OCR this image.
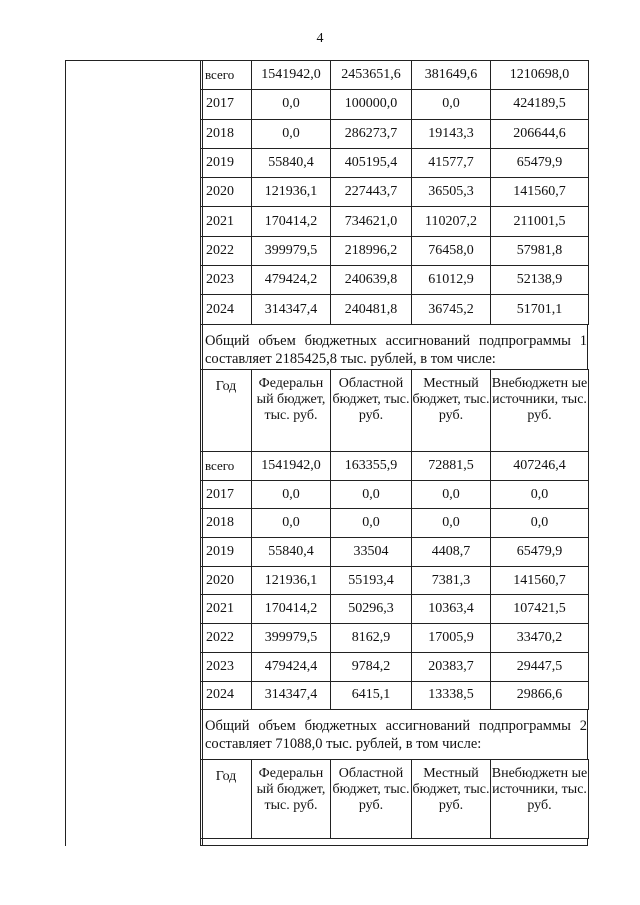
4
всего	1541942,0	2453651,6	381649,6	1210698,0
2017	0,0	100000,0	0,0	424189,5
2018	0,0	286273,7	19143,3	206644,6
2019	55840,4	405195,4	41577,7	65479,9
2020	121936,1	227443,7	36505,3	141560,7
2021	170414,2	734621,0	110207,2	211001,5
2022	399979,5	218996,2	76458,0	57981,8
2023	479424,2	240639,8	61012,9	52138,9
2024	314347,4	240481,8	36745,2	51701,1
Общий объем бюджетных ассигнований подпрограммы 1 составляет 2185425,8 тыс. рублей, в том числе:
Год	Федеральн ый бюджет, тыс. руб.	Областной бюджет, тыс. руб.	Местный бюджет, тыс. руб.	Внебюджетн ые источники, тыс. руб.
всего	1541942,0	163355,9	72881,5	407246,4
2017	0,0	0,0	0,0	0,0
2018	0,0	0,0	0,0	0,0
2019	55840,4	33504	4408,7	65479,9
2020	121936,1	55193,4	7381,3	141560,7
2021	170414,2	50296,3	10363,4	107421,5
2022	399979,5	8162,9	17005,9	33470,2
2023	479424,4	9784,2	20383,7	29447,5
2024	314347,4	6415,1	13338,5	29866,6
Общий объем бюджетных ассигнований подпрограммы 2 составляет 71088,0 тыс. рублей, в том числе:
Год	Федеральн ый бюджет, тыс. руб.	Областной бюджет, тыс. руб.	Местный бюджет, тыс. руб.	Внебюджетн ые источники, тыс. руб.
